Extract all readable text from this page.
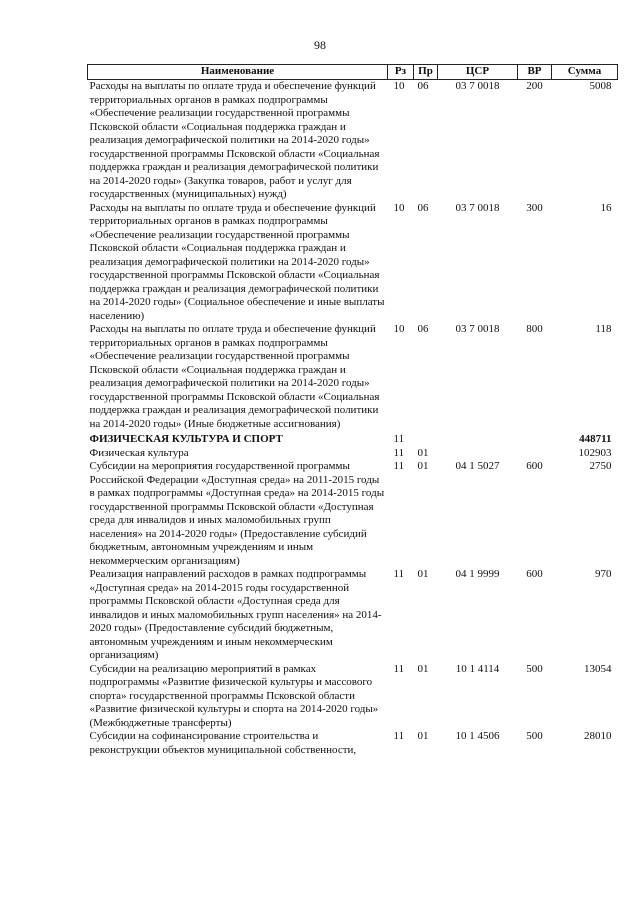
98
Наименование	Рз	Пр	ЦСР	ВР	Сумма
Расходы на выплаты по оплате труда и обеспечение функций территориальных органов в рамках подпрограммы «Обеспечение реализации государственной программы Псковской области «Социальная поддержка граждан и реализация демографической политики на 2014-2020 годы» государственной программы Псковской области «Социальная поддержка граждан и реализация демографической политики на 2014-2020 годы» (Закупка товаров, работ и услуг для государственных (муниципальных) нужд)	10	06	03 7 0018	200	5008
Расходы на выплаты по оплате труда и обеспечение функций территориальных органов в рамках подпрограммы «Обеспечение реализации государственной программы Псковской области «Социальная поддержка граждан и реализация демографической политики на 2014-2020 годы» государственной программы Псковской области «Социальная поддержка граждан и реализация демографической политики на 2014-2020 годы» (Социальное обеспечение и иные выплаты населению)	10	06	03 7 0018	300	16
Расходы на выплаты по оплате труда и обеспечение функций территориальных органов в рамках подпрограммы «Обеспечение реализации государственной программы Псковской области «Социальная поддержка граждан и реализация демографической политики на 2014-2020 годы» государственной программы Псковской области «Социальная поддержка граждан и реализация демографической политики на 2014-2020 годы» (Иные бюджетные ассигнования)	10	06	03 7 0018	800	118
ФИЗИЧЕСКАЯ КУЛЬТУРА И СПОРТ	11				448711
Физическая культура	11	01			102903
Субсидии на мероприятия государственной программы Российской Федерации «Доступная среда» на 2011-2015 годы в рамках подпрограммы «Доступная среда» на 2014-2015 годы государственной программы Псковской области «Доступная среда для инвалидов и иных маломобильных групп населения» на 2014-2020 годы» (Предоставление субсидий бюджетным, автономным учреждениям и иным некоммерческим организациям)	11	01	04 1 5027	600	2750
Реализация направлений расходов в рамках подпрограммы «Доступная среда» на 2014-2015 годы государственной программы Псковской области «Доступная среда для инвалидов и иных маломобильных групп населения» на 2014-2020 годы» (Предоставление субсидий бюджетным, автономным учреждениям и иным некоммерческим организациям)	11	01	04 1 9999	600	970
Субсидии на реализацию мероприятий в рамках подпрограммы «Развитие физической культуры и массового спорта» государственной программы Псковской области «Развитие физической культуры и спорта на 2014-2020 годы» (Межбюджетные трансферты)	11	01	10 1 4114	500	13054
Субсидии на софинансирование строительства и реконструкции объектов муниципальной собственности,	11	01	10 1 4506	500	28010
